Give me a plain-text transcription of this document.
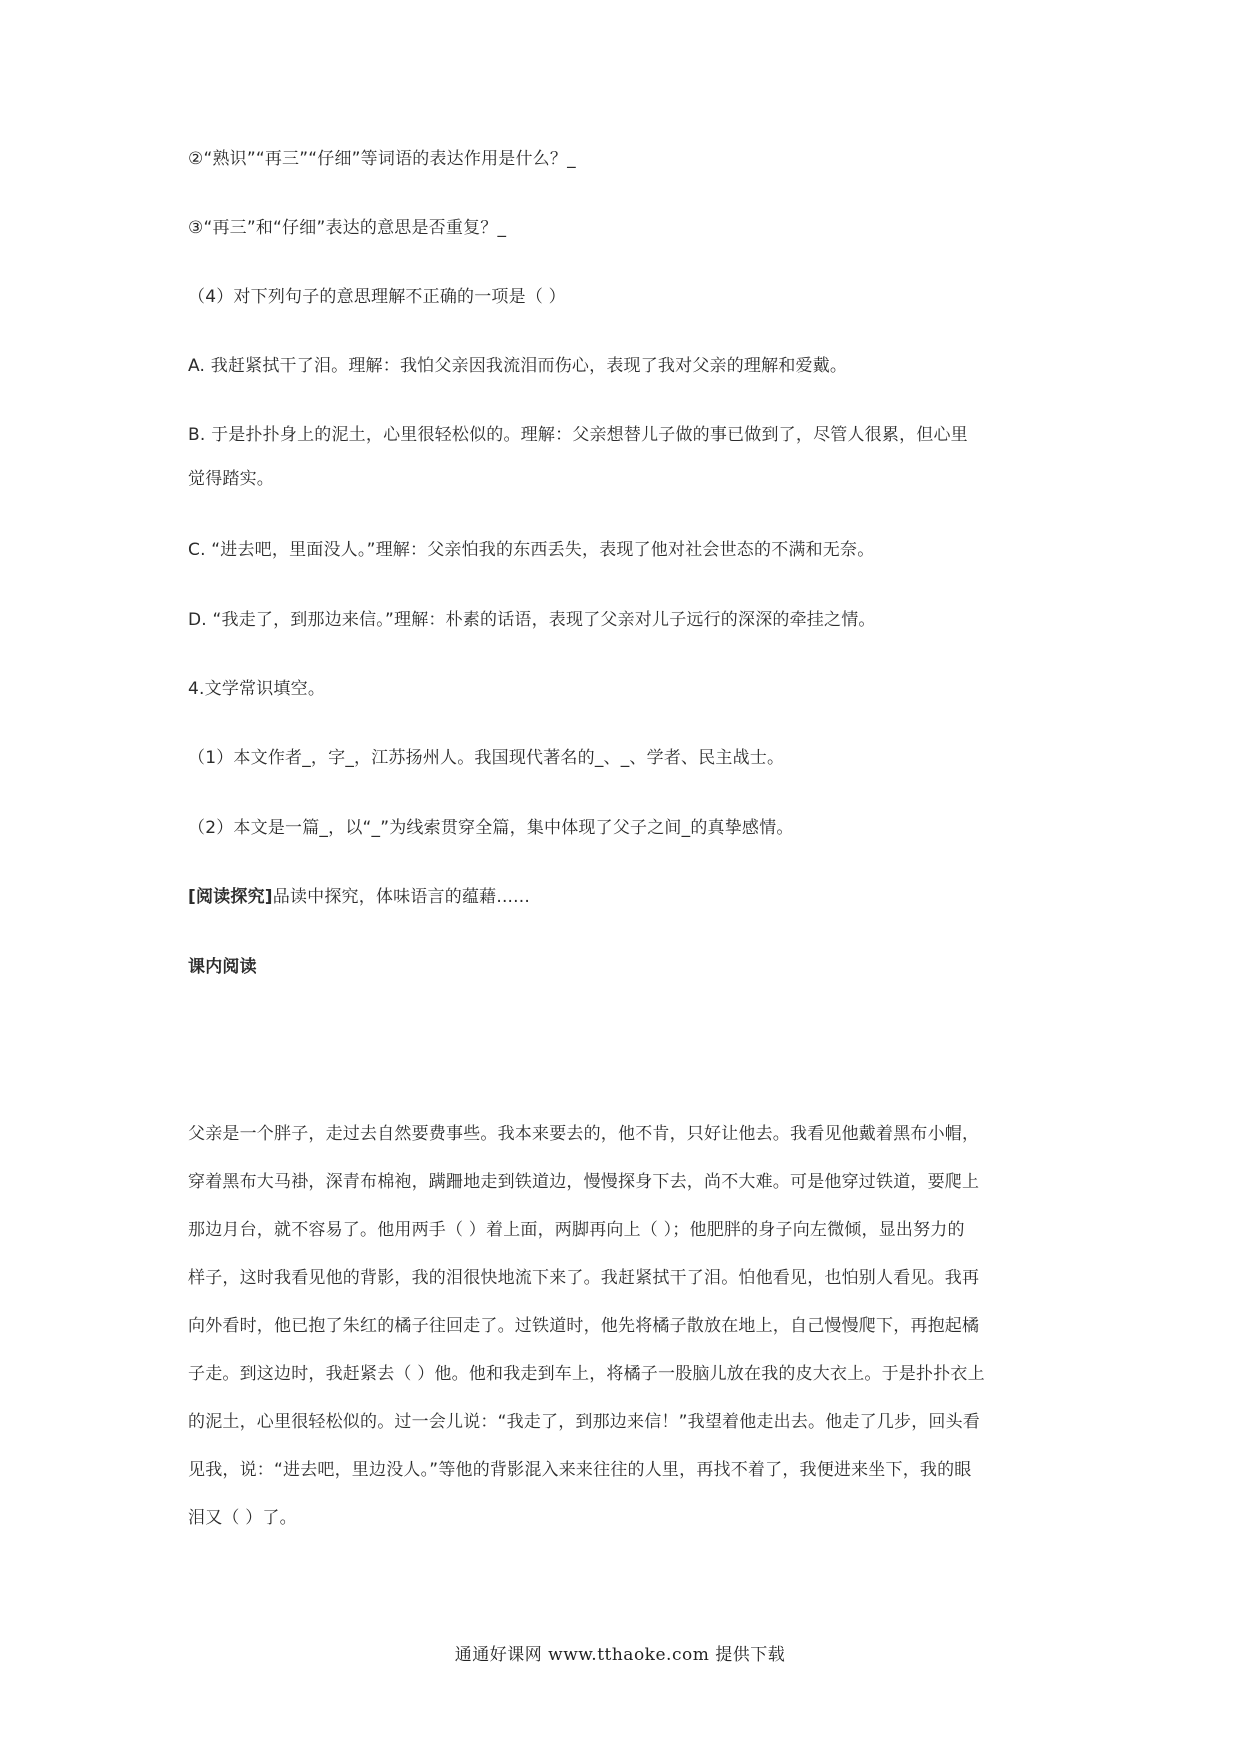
②“熟识”“再三”“仔细”等词语的表达作用是什么？_
③“再三”和“仔细”表达的意思是否重复？_
（4）对下列句子的意思理解不正确的一项是（ ）
A. 我赶紧拭干了泪。理解：我怕父亲因我流泪而伤心，表现了我对父亲的理解和爱戴。
B. 于是扑扑身上的泥土，心里很轻松似的。理解：父亲想替儿子做的事已做到了，尽管人很累，但心里
觉得踏实。
C. “进去吧，里面没人。”理解：父亲怕我的东西丢失，表现了他对社会世态的不满和无奈。
D. “我走了，到那边来信。”理解：朴素的话语，表现了父亲对儿子远行的深深的牵挂之情。
4.文学常识填空。
（1）本文作者_，字_，江苏扬州人。我国现代著名的_、_、学者、民主战士。
（2）本文是一篇_，以“_”为线索贯穿全篇，集中体现了父子之间_的真挚感情。
[阅读探究]品读中探究，体味语言的蕴藉......
课内阅读
父亲是一个胖子，走过去自然要费事些。我本来要去的，他不肯，只好让他去。我看见他戴着黑布小帽，
穿着黑布大马褂，深青布棉袍，蹒跚地走到铁道边，慢慢探身下去，尚不大难。可是他穿过铁道，要爬上
那边月台，就不容易了。他用两手（ ）着上面，两脚再向上（ ）；他肥胖的身子向左微倾，显出努力的
样子，这时我看见他的背影，我的泪很快地流下来了。我赶紧拭干了泪。怕他看见，也怕别人看见。我再
向外看时，他已抱了朱红的橘子往回走了。过铁道时，他先将橘子散放在地上，自己慢慢爬下，再抱起橘
子走。到这边时，我赶紧去（ ）他。他和我走到车上，将橘子一股脑儿放在我的皮大衣上。于是扑扑衣上
的泥土，心里很轻松似的。过一会儿说：“我走了，到那边来信！”我望着他走出去。他走了几步，回头看
见我，说：“进去吧，里边没人。”等他的背影混入来来往往的人里，再找不着了，我便进来坐下，我的眼
泪又（ ）了。
通通好课网 www.tthaoke.com 提供下载
